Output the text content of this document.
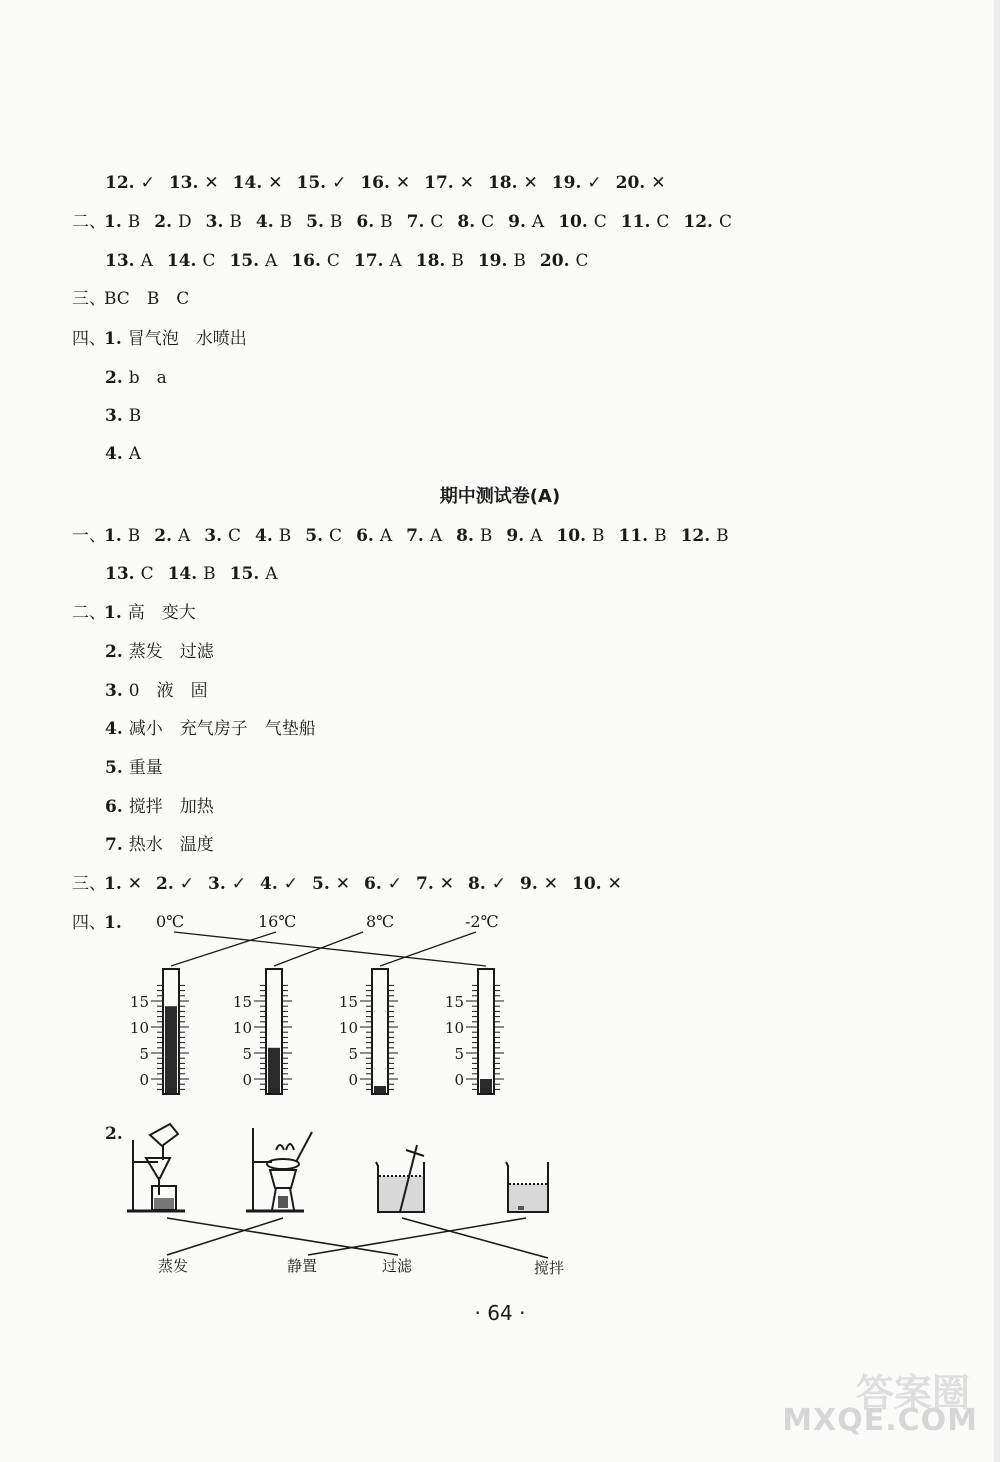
12. ✓ 13. ✕ 14. ✕ 15. ✓ 16. ✕ 17. ✕ 18. ✕ 19. ✓ 20. ✕
二、1. B 2. D 3. B 4. B 5. B 6. B 7. C 8. C 9. A 10. C 11. C 12. C
13. A 14. C 15. A 16. C 17. A 18. B 19. B 20. C
三、BC　B　C
四、1. 冒气泡　水喷出
2. b　a
3. B
4. A
期中测试卷(A)
一、1. B 2. A 3. C 4. B 5. C 6. A 7. A 8. B 9. A 10. B 11. B 12. B
13. C 14. B 15. A
二、1. 高　变大
2. 蒸发　过滤
3. 0　液　固
4. 减小　充气房子　气垫船
5. 重量
6. 搅拌　加热
7. 热水　温度
三、1. ✕ 2. ✓ 3. ✓ 4. ✓ 5. ✕ 6. ✓ 7. ✕ 8. ✓ 9. ✕ 10. ✕
四、1. 0℃	16℃	8℃	-2℃
15
10
5
0
15
10
5
0
15
10
5
0
15
10
5
0
2.
蒸发	静置	过滤	搅拌
· 64 ·
答案圈
MXQE.COM
